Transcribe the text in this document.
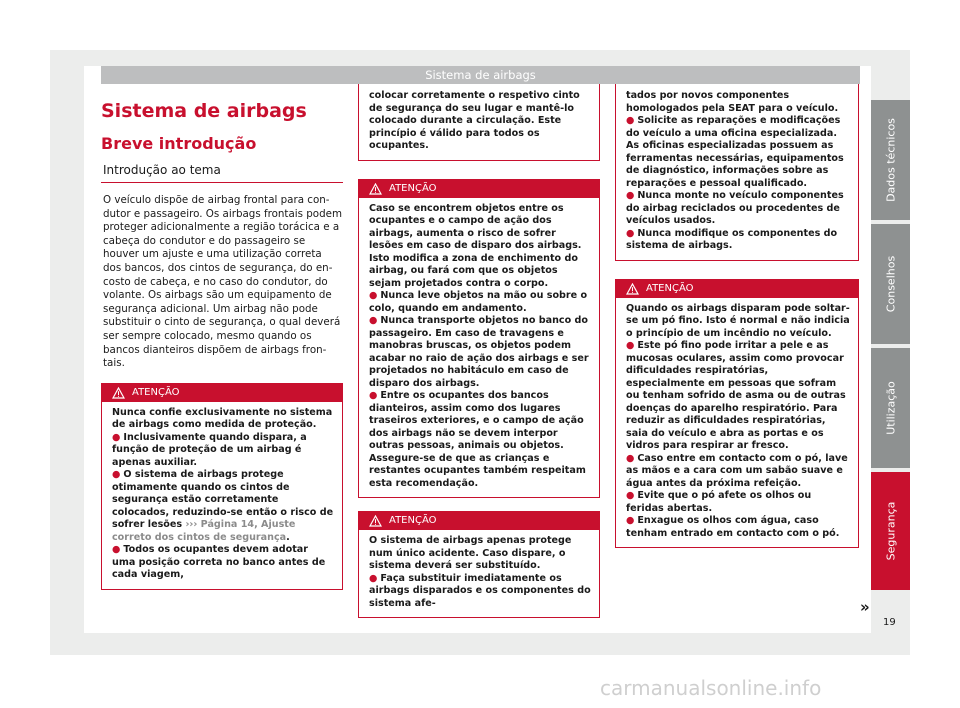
Sistema de airbags
Sistema de airbags
Breve introdução
Introdução ao tema
O veículo dispõe de airbag frontal para condutor e passageiro. Os airbags frontais podem proteger adicionalmente a região torácica e a cabeça do condutor e do passageiro se houver um ajuste e uma utilização correta dos bancos, dos cintos de segurança, do encosto de cabeça, e no caso do condutor, do volante. Os airbags são um equipamento de segurança adicional. Um airbag não pode substituir o cinto de segurança, o qual deverá ser sempre colocado, mesmo quando os bancos dianteiros dispõem de airbags frontais.
ATENÇÃO

Nunca confie exclusivamente no sistema de airbags como medida de proteção.

● Inclusivamente quando dispara, a função de proteção de um airbag é apenas auxiliar.

● O sistema de airbags protege otimamente quando os cintos de segurança estão corretamente colocados, reduzindo-se então o risco de sofrer lesões ››› Página 14, Ajuste correto dos cintos de segurança.

● Todos os ocupantes devem adotar uma posição correta no banco antes de cada viagem,

colocar corretamente o respetivo cinto de segurança do seu lugar e mantê-lo colocado durante a circulação. Este princípio é válido para todos os ocupantes.
ATENÇÃO

Caso se encontrem objetos entre os ocupantes e o campo de ação dos airbags, aumenta o risco de sofrer lesões em caso de disparo dos airbags. Isto modifica a zona de enchimento do airbag, ou fará com que os objetos sejam projetados contra o corpo.

● Nunca leve objetos na mão ou sobre o colo, quando em andamento.

● Nunca transporte objetos no banco do passageiro. Em caso de travagens e manobras bruscas, os objetos podem acabar no raio de ação dos airbags e ser projetados no habitáculo em caso de disparo dos airbags.

● Entre os ocupantes dos bancos dianteiros, assim como dos lugares traseiros exteriores, e o campo de ação dos airbags não se devem interpor outras pessoas, animais ou objetos. Assegure-se de que as crianças e restantes ocupantes também respeitam esta recomendação.

ATENÇÃO

O sistema de airbags apenas protege num único acidente. Caso dispare, o sistema deverá ser substituído.

● Faça substituir imediatamente os airbags disparados e os componentes do sistema afe-

tados por novos componentes homologados pela SEAT para o veículo.

● Solicite as reparações e modificações do veículo a uma oficina especializada. As oficinas especializadas possuem as ferramentas necessárias, equipamentos de diagnóstico, informações sobre as reparações e pessoal qualificado.

● Nunca monte no veículo componentes do airbag reciclados ou procedentes de veículos usados.

● Nunca modifique os componentes do sistema de airbags.

ATENÇÃO

Quando os airbags disparam pode soltar-se um pó fino. Isto é normal e não indicia o princípio de um incêndio no veículo.

● Este pó fino pode irritar a pele e as mucosas oculares, assim como provocar dificuldades respiratórias, especialmente em pessoas que sofram ou tenham sofrido de asma ou de outras doenças do aparelho respiratório. Para reduzir as dificuldades respiratórias, saia do veículo e abra as portas e os vidros para respirar ar fresco.

● Caso entre em contacto com o pó, lave as mãos e a cara com um sabão suave e água antes da próxima refeição.

● Evite que o pó afete os olhos ou feridas abertas.

● Enxague os olhos com água, caso tenham entrado em contacto com o pó.

Dados técnicos
Conselhos
Utilização
Segurança
»
19
carmanualsonline.info
